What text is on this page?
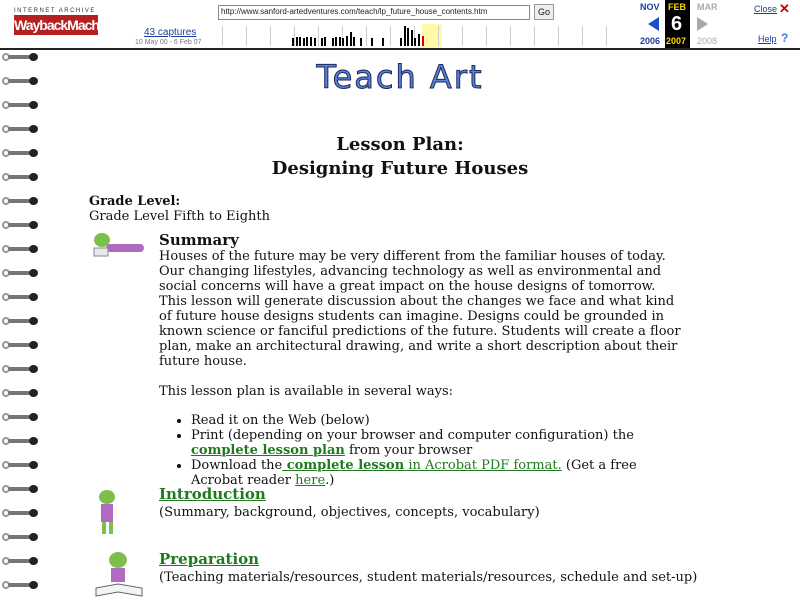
INTERNET ARCHIVE
WaybackMachine	43 captures
10 May 00 - 6 Feb 07
http://www.sanford-artedventures.com/teach/lp_future_house_contents.htm	Go	NOV FEB
6
2007
MAR
2006	2008
Close ✕
Help ?
Teach Art
Lesson Plan:
Designing Future Houses
Grade Level:
Grade Level Fifth to Eighth
Summary

Houses of the future may be very different from the familiar houses of today. Our changing lifestyles, advancing technology as well as environmental and social concerns will have a great impact on the house designs of tomorrow. This lesson will generate discussion about the changes we face and what kind of future house designs students can imagine. Designs could be grounded in known science or fanciful predictions of the future. Students will create a floor plan, make an architectural drawing, and write a short description about their future house.

This lesson plan is available in several ways:

• Read it on the Web (below)
• Print (depending on your browser and computer configuration) the complete lesson plan from your browser
• Download the complete lesson in Acrobat PDF format. (Get a free Acrobat reader here.)
Introduction
(Summary, background, objectives, concepts, vocabulary)
Preparation
(Teaching materials/resources, student materials/resources, schedule and set-up)
